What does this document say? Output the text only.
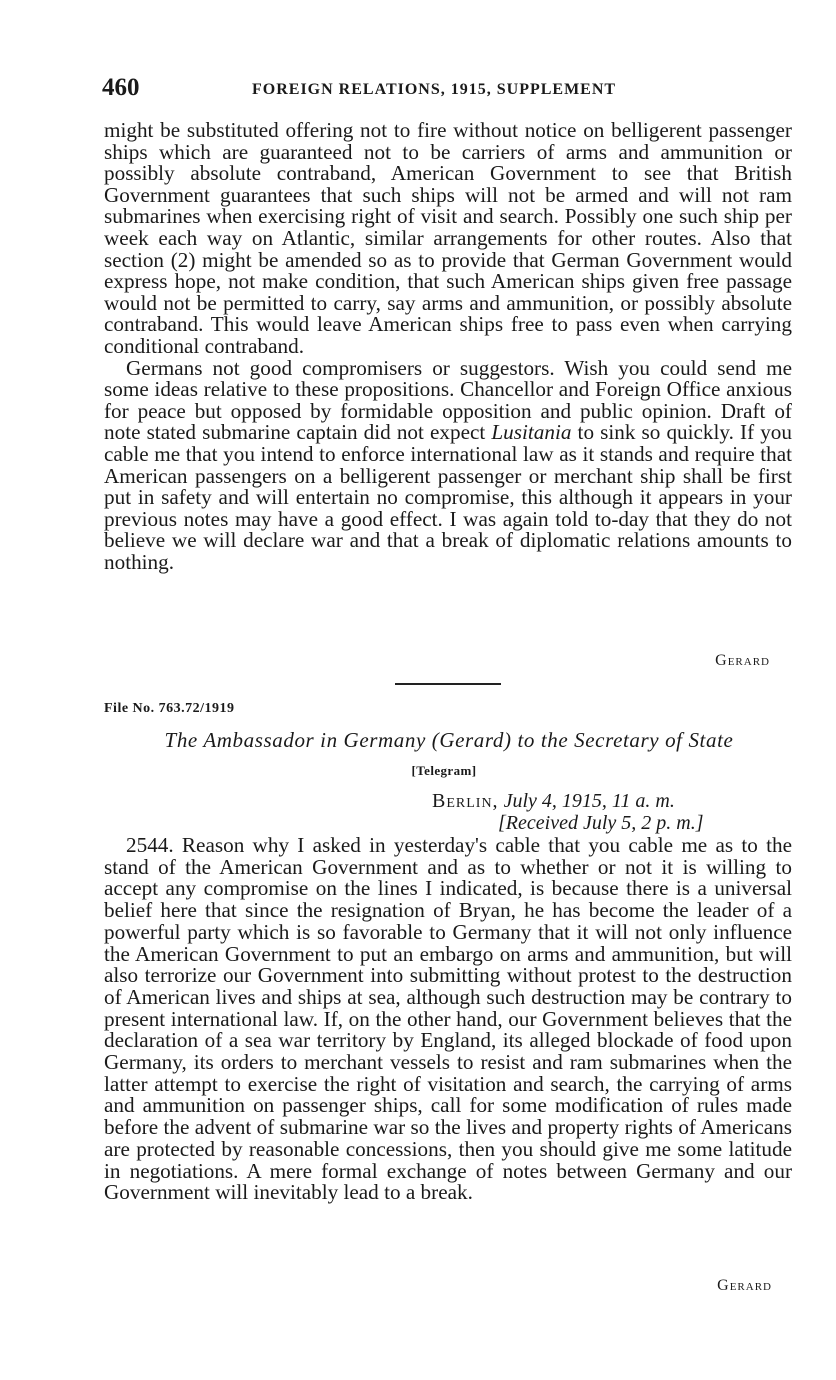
460	FOREIGN RELATIONS, 1915, SUPPLEMENT

might be substituted offering not to fire without notice on belligerent passenger ships which are guaranteed not to be carriers of arms and ammunition or possibly absolute contraband, American Government to see that British Government guarantees that such ships will not be armed and will not ram submarines when exercising right of visit and search. Possibly one such ship per week each way on Atlantic, similar arrangements for other routes. Also that section (2) might be amended so as to provide that German Government would express hope, not make condition, that such American ships given free passage would not be permitted to carry, say arms and ammunition, or possibly absolute contraband. This would leave American ships free to pass even when carrying conditional contraband.

Germans not good compromisers or suggestors. Wish you could send me some ideas relative to these propositions. Chancellor and Foreign Office anxious for peace but opposed by formidable opposition and public opinion. Draft of note stated submarine captain did not expect Lusitania to sink so quickly. If you cable me that you intend to enforce international law as it stands and require that American passengers on a belligerent passenger or merchant ship shall be first put in safety and will entertain no compromise, this although it appears in your previous notes may have a good effect. I was again told to-day that they do not believe we will declare war and that a break of diplomatic relations amounts to nothing.

Gerard
File No. 763.72/1919
The Ambassador in Germany (Gerard) to the Secretary of State
[Telegram]
Berlin, July 4, 1915, 11 a. m.
[Received July 5, 2 p. m.]

2544. Reason why I asked in yesterday's cable that you cable me as to the stand of the American Government and as to whether or not it is willing to accept any compromise on the lines I indicated, is because there is a universal belief here that since the resignation of Bryan, he has become the leader of a powerful party which is so favorable to Germany that it will not only influence the American Government to put an embargo on arms and ammunition, but will also terrorize our Government into submitting without protest to the destruction of American lives and ships at sea, although such destruction may be contrary to present international law. If, on the other hand, our Government believes that the declaration of a sea war territory by England, its alleged blockade of food upon Germany, its orders to merchant vessels to resist and ram submarines when the latter attempt to exercise the right of visitation and search, the carrying of arms and ammunition on passenger ships, call for some modification of rules made before the advent of submarine war so the lives and property rights of Americans are protected by reasonable concessions, then you should give me some latitude in negotiations. A mere formal exchange of notes between Germany and our Government will inevitably lead to a break.

Gerard
